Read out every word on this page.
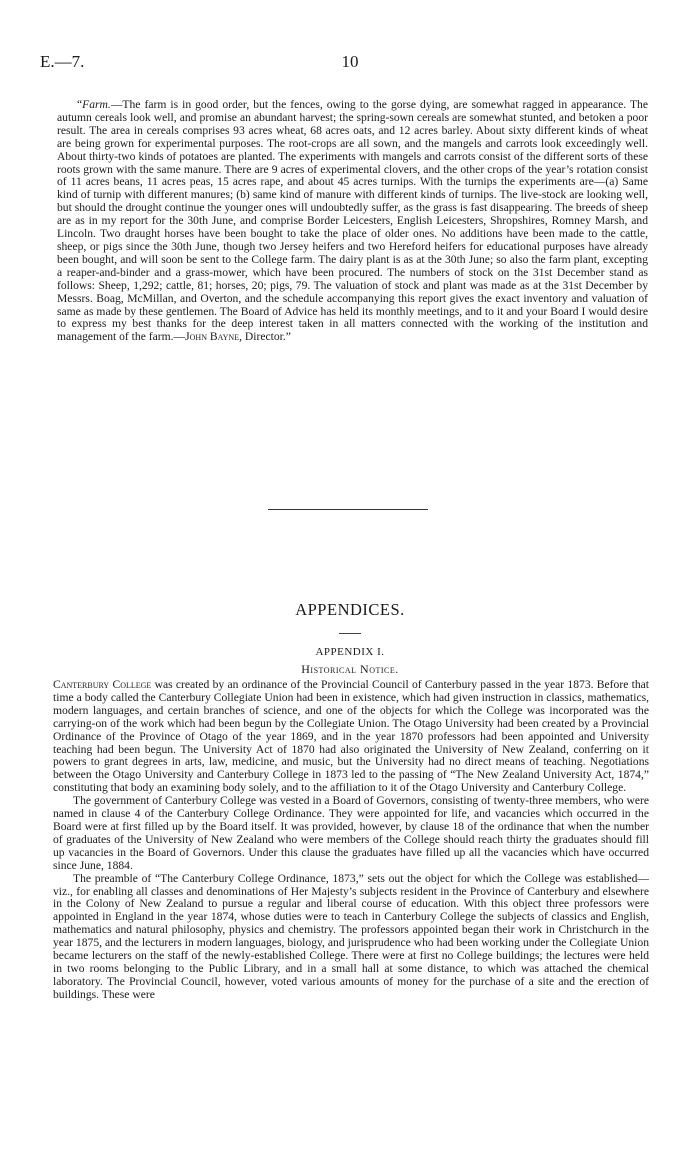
E.—7.	10

“Farm.—The farm is in good order, but the fences, owing to the gorse dying, are somewhat ragged in appearance. The autumn cereals look well, and promise an abundant harvest; the spring-sown cereals are somewhat stunted, and betoken a poor result. The area in cereals comprises 93 acres wheat, 68 acres oats, and 12 acres barley. About sixty different kinds of wheat are being grown for experimental purposes. The root-crops are all sown, and the mangels and carrots look exceedingly well. About thirty-two kinds of potatoes are planted. The experiments with mangels and carrots consist of the different sorts of these roots grown with the same manure. There are 9 acres of experimental clovers, and the other crops of the year’s rotation consist of 11 acres beans, 11 acres peas, 15 acres rape, and about 45 acres turnips. With the turnips the experiments are—(a) Same kind of turnip with different manures; (b) same kind of manure with different kinds of turnips. The live-stock are looking well, but should the drought continue the younger ones will undoubtedly suffer, as the grass is fast disappearing. The breeds of sheep are as in my report for the 30th June, and comprise Border Leicesters, English Leicesters, Shropshires, Romney Marsh, and Lincoln. Two draught horses have been bought to take the place of older ones. No additions have been made to the cattle, sheep, or pigs since the 30th June, though two Jersey heifers and two Hereford heifers for educational purposes have already been bought, and will soon be sent to the College farm. The dairy plant is as at the 30th June; so also the farm plant, excepting a reaper-and-binder and a grass-mower, which have been procured. The numbers of stock on the 31st December stand as follows: Sheep, 1,292; cattle, 81; horses, 20; pigs, 79. The valuation of stock and plant was made as at the 31st December by Messrs. Boag, McMillan, and Overton, and the schedule accompanying this report gives the exact inventory and valuation of same as made by these gentlemen. The Board of Advice has held its monthly meetings, and to it and your Board I would desire to express my best thanks for the deep interest taken in all matters connected with the working of the institution and management of the farm.—John Bayne, Director.”

APPENDICES.
APPENDIX I.
Historical Notice.

Canterbury College was created by an ordinance of the Provincial Council of Canterbury passed in the year 1873. Before that time a body called the Canterbury Collegiate Union had been in existence, which had given instruction in classics, mathematics, modern languages, and certain branches of science, and one of the objects for which the College was incorporated was the carrying-on of the work which had been begun by the Collegiate Union. The Otago University had been created by a Provincial Ordinance of the Province of Otago of the year 1869, and in the year 1870 professors had been appointed and University teaching had been begun. The University Act of 1870 had also originated the University of New Zealand, conferring on it powers to grant degrees in arts, law, medicine, and music, but the University had no direct means of teaching. Negotiations between the Otago University and Canterbury College in 1873 led to the passing of “The New Zealand University Act, 1874,” constituting that body an examining body solely, and to the affiliation to it of the Otago University and Canterbury College.

The government of Canterbury College was vested in a Board of Governors, consisting of twenty-three members, who were named in clause 4 of the Canterbury College Ordinance. They were appointed for life, and vacancies which occurred in the Board were at first filled up by the Board itself. It was provided, however, by clause 18 of the ordinance that when the number of graduates of the University of New Zealand who were members of the College should reach thirty the graduates should fill up vacancies in the Board of Governors. Under this clause the graduates have filled up all the vacancies which have occurred since June, 1884.

The preamble of “The Canterbury College Ordinance, 1873,” sets out the object for which the College was established—viz., for enabling all classes and denominations of Her Majesty’s subjects resident in the Province of Canterbury and elsewhere in the Colony of New Zealand to pursue a regular and liberal course of education. With this object three professors were appointed in England in the year 1874, whose duties were to teach in Canterbury College the subjects of classics and English, mathematics and natural philosophy, physics and chemistry. The professors appointed began their work in Christchurch in the year 1875, and the lecturers in modern languages, biology, and jurisprudence who had been working under the Collegiate Union became lecturers on the staff of the newly-established College. There were at first no College buildings; the lectures were held in two rooms belonging to the Public Library, and in a small hall at some distance, to which was attached the chemical laboratory. The Provincial Council, however, voted various amounts of money for the purchase of a site and the erection of buildings. These were
